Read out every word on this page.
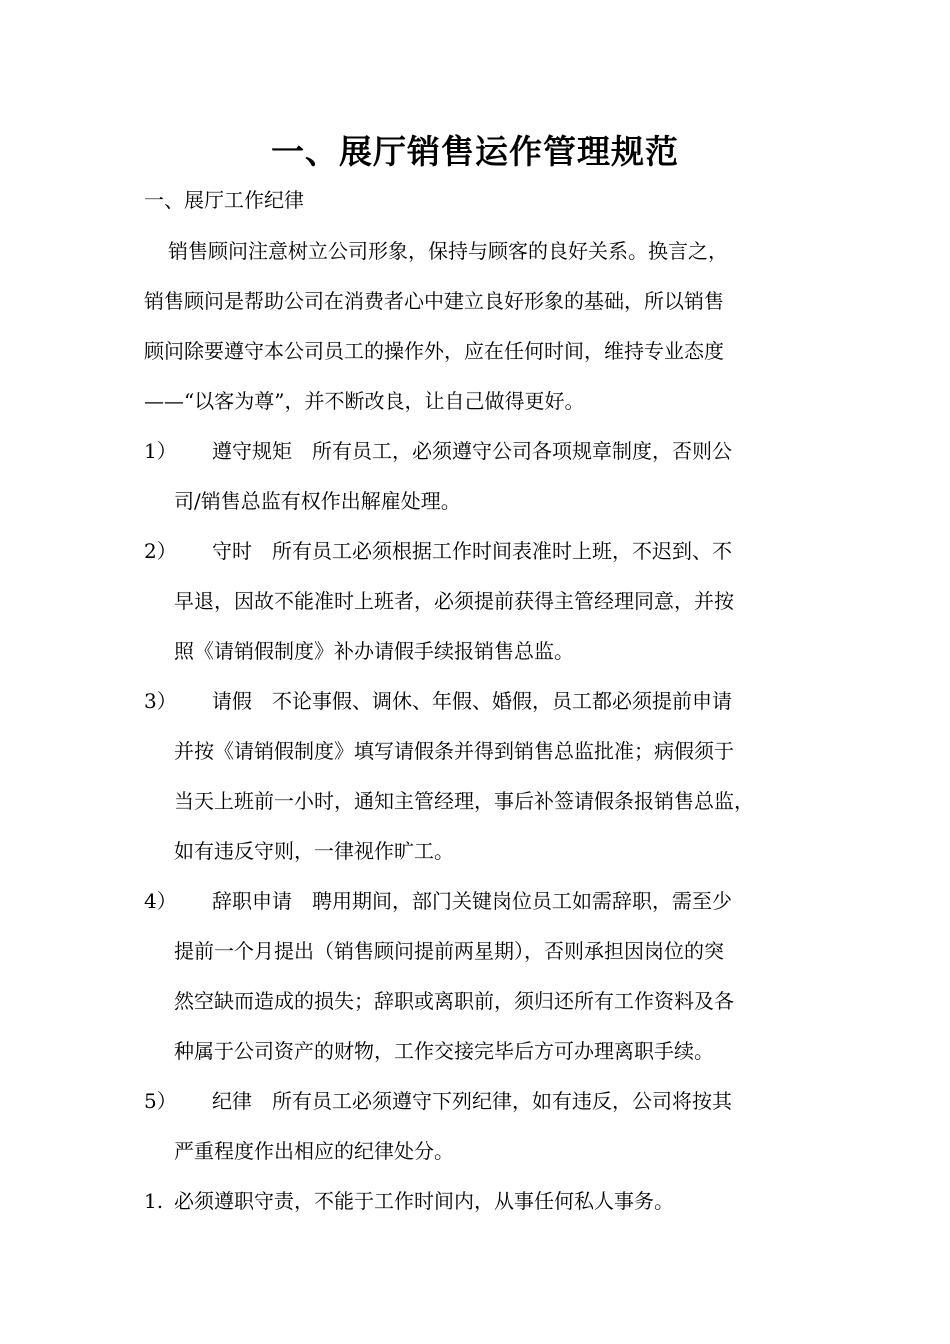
一、展厅销售运作管理规范
一、展厅工作纪律
销售顾问注意树立公司形象，保持与顾客的良好关系。换言之，
销售顾问是帮助公司在消费者心中建立良好形象的基础，所以销售
顾问除要遵守本公司员工的操作外，应在任何时间，维持专业态度
——“以客为尊”，并不断改良，让自己做得更好。
1） 遵守规矩　所有员工，必须遵守公司各项规章制度，否则公
司/销售总监有权作出解雇处理。
2） 守时　所有员工必须根据工作时间表准时上班，不迟到、不
早退，因故不能准时上班者，必须提前获得主管经理同意，并按
照《请销假制度》补办请假手续报销售总监。
3） 请假　不论事假、调休、年假、婚假，员工都必须提前申请
并按《请销假制度》填写请假条并得到销售总监批准；病假须于
当天上班前一小时，通知主管经理，事后补签请假条报销售总监，
如有违反守则，一律视作旷工。
4） 辞职申请　聘用期间，部门关键岗位员工如需辞职，需至少
提前一个月提出（销售顾问提前两星期），否则承担因岗位的突
然空缺而造成的损失；辞职或离职前，须归还所有工作资料及各
种属于公司资产的财物，工作交接完毕后方可办理离职手续。
5） 纪律　所有员工必须遵守下列纪律，如有违反，公司将按其
严重程度作出相应的纪律处分。
1. 必须遵职守责，不能于工作时间内，从事任何私人事务。
